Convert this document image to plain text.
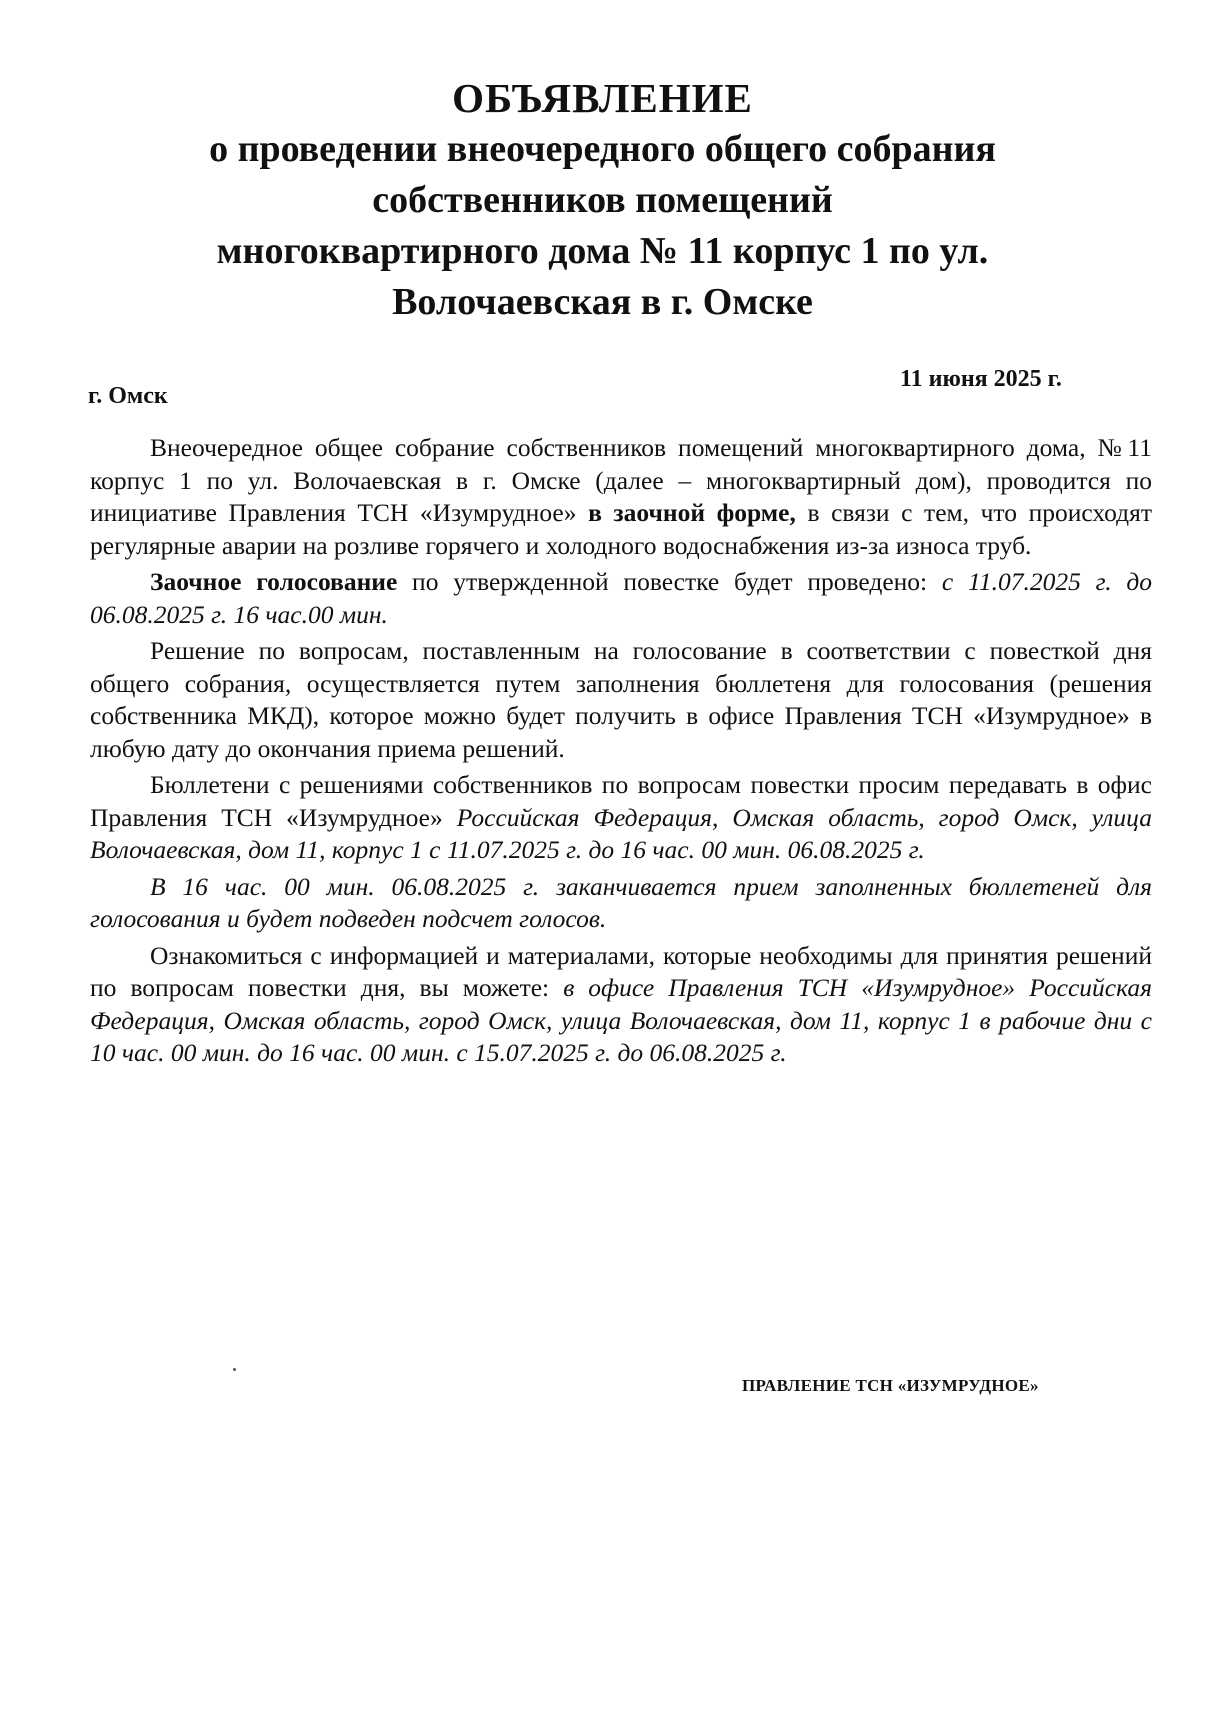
ОБЪЯВЛЕНИЕ
о проведении внеочередного общего собрания
собственников помещений
многоквартирного дома № 11 корпус 1 по ул.
Волочаевская в г. Омске
11 июня 2025 г.
г. Омск

Внеочередное общее собрание собственников помещений многоквартирного дома, №11 корпус 1 по ул. Волочаевская в г. Омске (далее – многоквартирный дом), проводится по инициативе Правления ТСН «Изумрудное» в заочной форме, в связи с тем, что происходят регулярные аварии на розливе горячего и холодного водоснабжения из-за износа труб.

Заочное голосование по утвержденной повестке будет проведено: с 11.07.2025 г. до 06.08.2025 г. 16 час.00 мин.

Решение по вопросам, поставленным на голосование в соответствии с повесткой дня общего собрания, осуществляется путем заполнения бюллетеня для голосования (решения собственника МКД), которое можно будет получить в офисе Правления ТСН «Изумрудное» в любую дату до окончания приема решений.

Бюллетени с решениями собственников по вопросам повестки просим передавать в офис Правления ТСН «Изумрудное» Российская Федерация, Омская область, город Омск, улица Волочаевская, дом 11, корпус 1 с 11.07.2025 г. до 16 час. 00 мин. 06.08.2025 г.

В 16 час. 00 мин. 06.08.2025 г. заканчивается прием заполненных бюллетеней для голосования и будет подведен подсчет голосов.

Ознакомиться с информацией и материалами, которые необходимы для принятия решений по вопросам повестки дня, вы можете: в офисе Правления ТСН «Изумрудное» Российская Федерация, Омская область, город Омск, улица Волочаевская, дом 11, корпус 1 в рабочие дни с 10 час. 00 мин. до 16 час. 00 мин. с 15.07.2025 г. до 06.08.2025 г.

ПРАВЛЕНИЕ ТСН «ИЗУМРУДНОЕ»
